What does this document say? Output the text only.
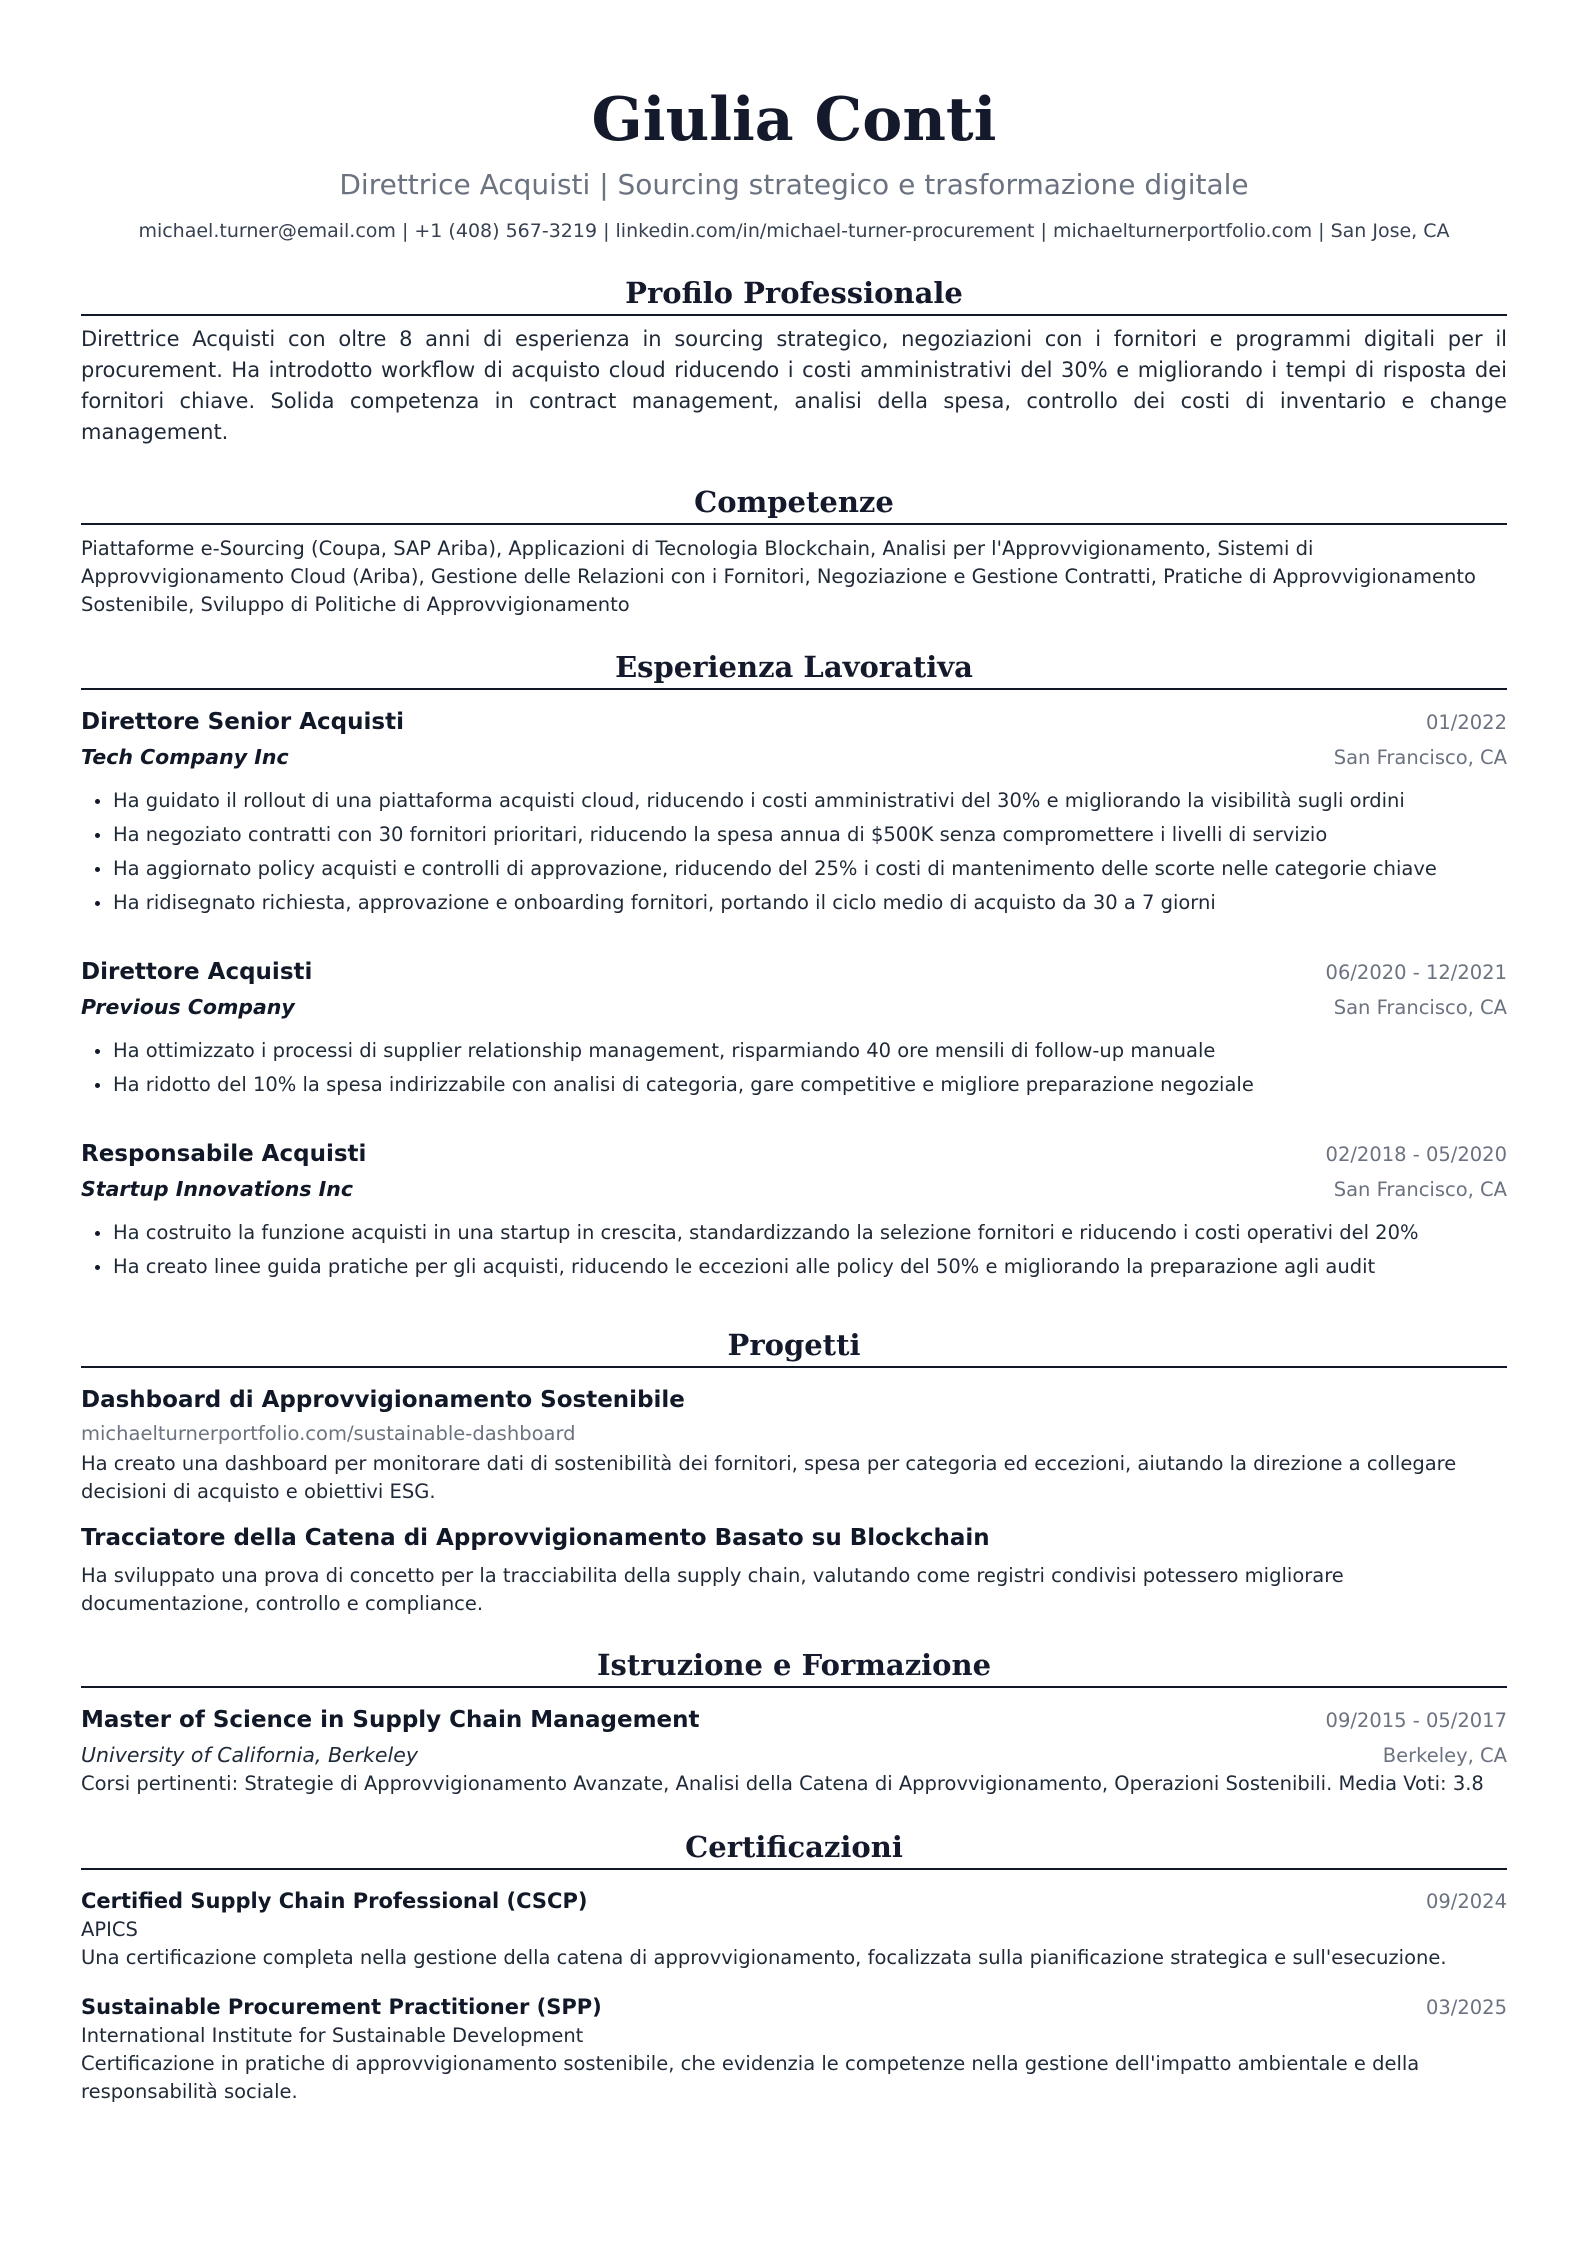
Giulia Conti
Direttrice Acquisti | Sourcing strategico e trasformazione digitale
michael.turner@email.com | +1 (408) 567-3219 | linkedin.com/in/michael-turner-procurement | michaelturnerportfolio.com | San Jose, CA
Profilo Professionale
Direttrice Acquisti con oltre 8 anni di esperienza in sourcing strategico, negoziazioni con i fornitori e programmi digitali per il procurement. Ha introdotto workflow di acquisto cloud riducendo i costi amministrativi del 30% e migliorando i tempi di risposta dei fornitori chiave. Solida competenza in contract management, analisi della spesa, controllo dei costi di inventario e change management.
Competenze
Piattaforme e-Sourcing (Coupa, SAP Ariba), Applicazioni di Tecnologia Blockchain, Analisi per l'Approvvigionamento, Sistemi di Approvvigionamento Cloud (Ariba), Gestione delle Relazioni con i Fornitori, Negoziazione e Gestione Contratti, Pratiche di Approvvigionamento Sostenibile, Sviluppo di Politiche di Approvvigionamento
Esperienza Lavorativa
Direttore Senior Acquisti	01/2022
Tech Company Inc	San Francisco, CA
Ha guidato il rollout di una piattaforma acquisti cloud, riducendo i costi amministrativi del 30% e migliorando la visibilità sugli ordini
Ha negoziato contratti con 30 fornitori prioritari, riducendo la spesa annua di $500K senza compromettere i livelli di servizio
Ha aggiornato policy acquisti e controlli di approvazione, riducendo del 25% i costi di mantenimento delle scorte nelle categorie chiave
Ha ridisegnato richiesta, approvazione e onboarding fornitori, portando il ciclo medio di acquisto da 30 a 7 giorni
Direttore Acquisti	06/2020 - 12/2021
Previous Company	San Francisco, CA
Ha ottimizzato i processi di supplier relationship management, risparmiando 40 ore mensili di follow-up manuale
Ha ridotto del 10% la spesa indirizzabile con analisi di categoria, gare competitive e migliore preparazione negoziale
Responsabile Acquisti	02/2018 - 05/2020
Startup Innovations Inc	San Francisco, CA
Ha costruito la funzione acquisti in una startup in crescita, standardizzando la selezione fornitori e riducendo i costi operativi del 20%
Ha creato linee guida pratiche per gli acquisti, riducendo le eccezioni alle policy del 50% e migliorando la preparazione agli audit
Progetti
Dashboard di Approvvigionamento Sostenibile
michaelturnerportfolio.com/sustainable-dashboard
Ha creato una dashboard per monitorare dati di sostenibilità dei fornitori, spesa per categoria ed eccezioni, aiutando la direzione a collegare decisioni di acquisto e obiettivi ESG.
Tracciatore della Catena di Approvvigionamento Basato su Blockchain
Ha sviluppato una prova di concetto per la tracciabilita della supply chain, valutando come registri condivisi potessero migliorare documentazione, controllo e compliance.
Istruzione e Formazione
Master of Science in Supply Chain Management	09/2015 - 05/2017
University of California, Berkeley	Berkeley, CA
Corsi pertinenti: Strategie di Approvvigionamento Avanzate, Analisi della Catena di Approvvigionamento, Operazioni Sostenibili. Media Voti: 3.8
Certificazioni
Certified Supply Chain Professional (CSCP)	09/2024
APICS
Una certificazione completa nella gestione della catena di approvvigionamento, focalizzata sulla pianificazione strategica e sull'esecuzione.
Sustainable Procurement Practitioner (SPP)	03/2025
International Institute for Sustainable Development
Certificazione in pratiche di approvvigionamento sostenibile, che evidenzia le competenze nella gestione dell'impatto ambientale e della responsabilità sociale.
